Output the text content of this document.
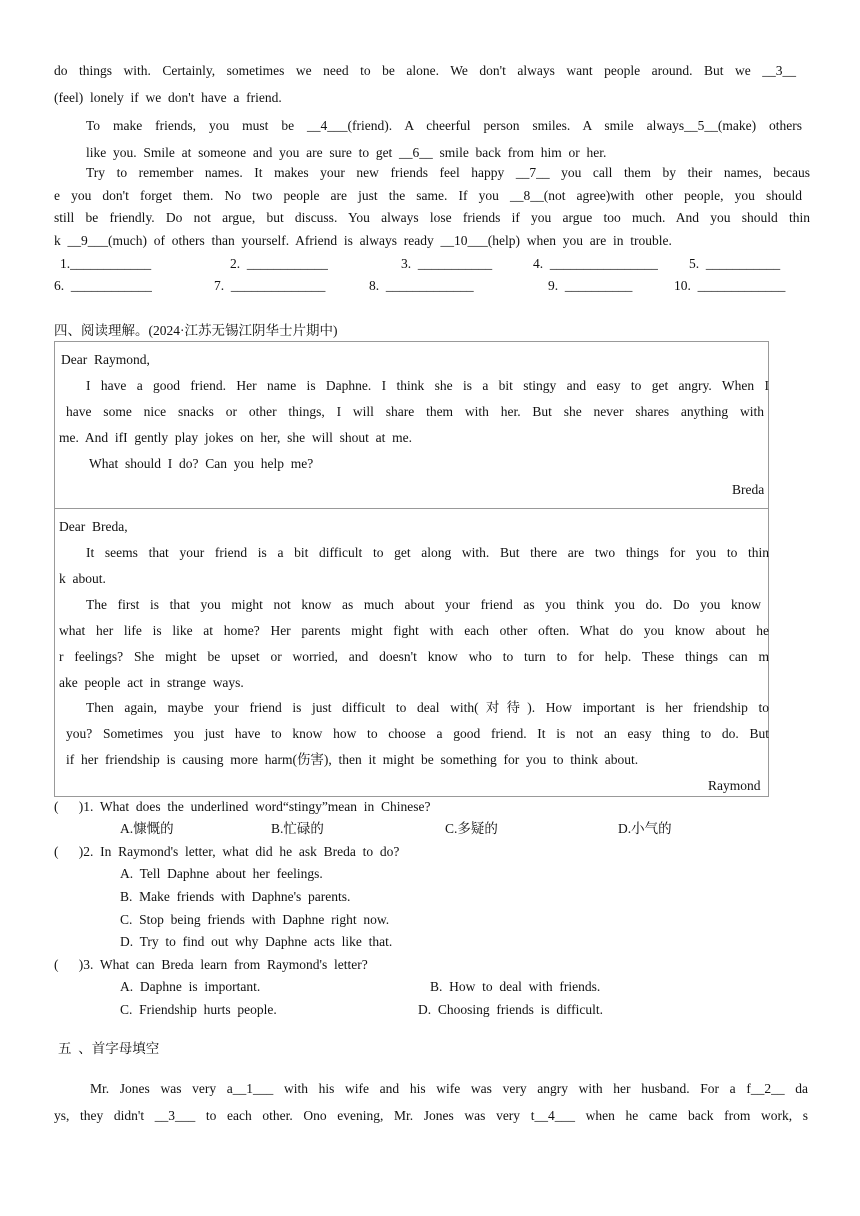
do things with. Certainly, sometimes we need to be alone. We don't always want people around. But we __3__
(feel)  lonely  if  we  don't  have  a  friend.
To make friends, you must be __4___(friend). A cheerful person smiles. A smile always__5__(make) others
like  you.  Smile  at  someone  and  you  are  sure  to  get  __6__  smile  back  from  him  or  her.
Try to remember names. It makes your new friends feel happy __7__ you call them by their names, becaus
e you don't forget them. No two people are just the same. If you __8__(not agree)with other people, you should
still be friendly. Do not argue, but discuss. You always lose friends if you argue too much. And you should thin
k  __9___(much)  of  others  than  yourself.  Afriend  is  always  ready  __10___(help)  when  you  are  in  trouble.
1.____________	2.  ____________	3.  ___________	4.  ________________ 5.  ___________
6.  ____________	7.  ______________	8.  _____________	9.  __________	10.  _____________
四、阅读理解。(2024·江苏无锡江阴华士片期中)
Dear  Raymond,
I have a good friend. Her name is Daphne. I think she is a bit stingy and easy to get angry. When I
have some nice snacks or other things, I will share them with her. But she never shares anything with
me.  And  ifI  gently  play  jokes  on  her,  she  will  shout  at  me.
What  should  I  do?  Can  you  help  me?
Breda
Dear  Breda,
It seems that your friend is a bit difficult to get along with. But there are two things for you to thin
k  about.
The first is that you might not know as much about your friend as you think you do. Do you know
what her life is like at home? Her parents might fight with each other often. What do you know about he
r feelings? She might be upset or worried, and doesn't know who to turn to for help. These things can m
ake  people  act  in  strange  ways.
Then again, maybe your friend is just difficult to deal with(对待). How important is her friendship to
you? Sometimes you just have to know how to choose a good friend. It is not an easy thing to do. But
if  her  friendship  is  causing  more  harm(伤害),  then  it  might  be  something  for  you  to  think  about.
Raymond
(      )1.  What  does  the  underlined  word“stingy”mean  in  Chinese?
A.慷慨的	B.忙碌的	C.多疑的	D.小气的
(      )2.  In  Raymond's  letter,  what  did  he  ask  Breda  to  do?
A.  Tell  Daphne  about  her  feelings.
B.  Make  friends  with  Daphne's  parents.
C.  Stop  being  friends  with  Daphne  right  now.
D.  Try  to  find  out  why  Daphne  acts  like  that.
(      )3.  What  can  Breda  learn  from  Raymond's  letter?
A.  Daphne  is  important.	B.  How  to  deal  with  friends.
C.  Friendship  hurts  people.	D.  Choosing  friends  is  difficult.
五  、首字母填空
Mr. Jones was very a__1___ with his wife and his wife was very angry with her husband. For a f__2__ da
ys, they didn't __3___ to each other. Ono evening, Mr. Jones was very t__4___ when he came back from work, s
